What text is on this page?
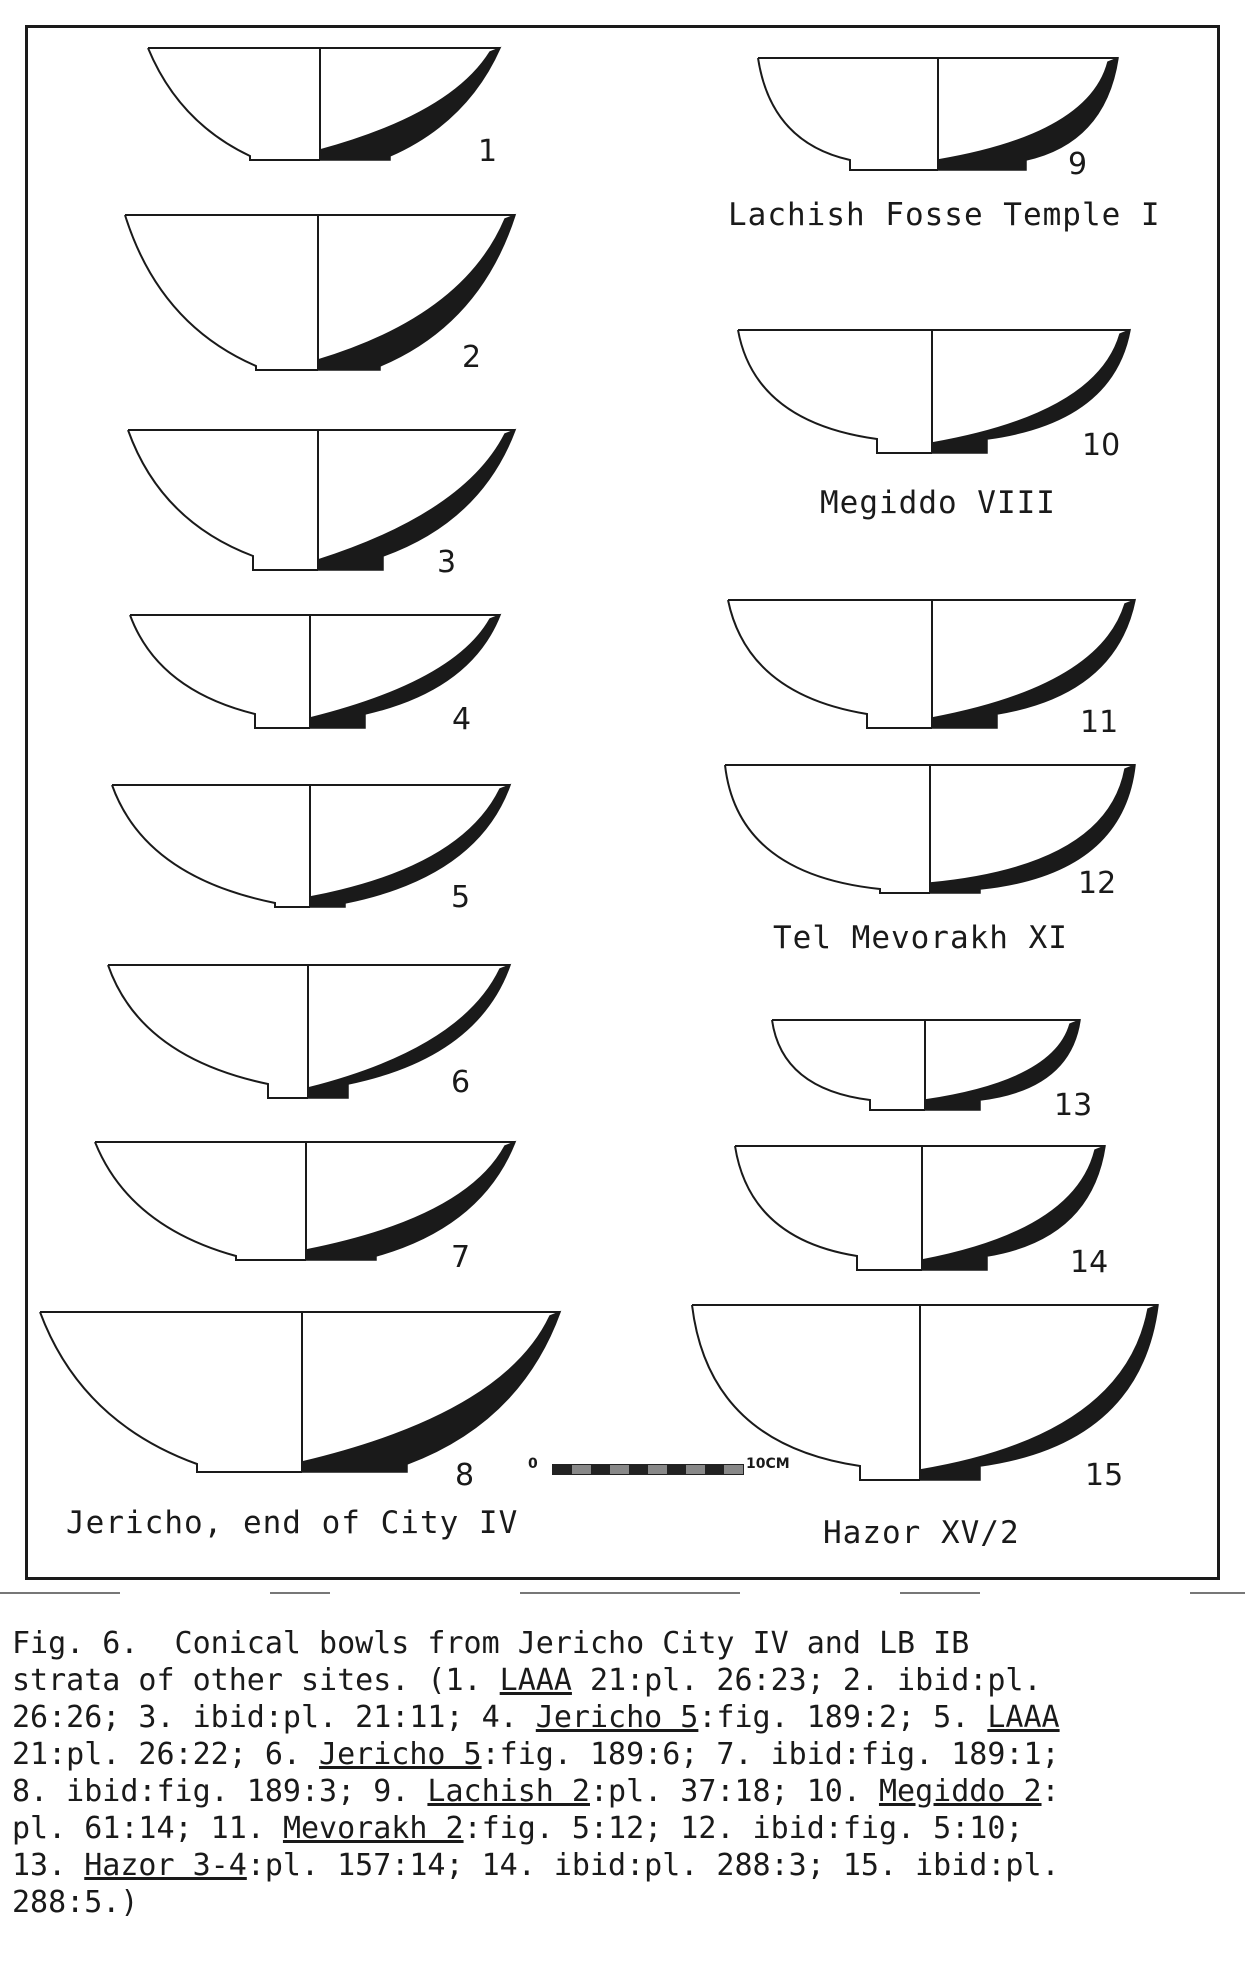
1
2
3
4
5
6
7
8
9
10
11
12
13
14
15
Lachish Fosse Temple I
Megiddo VIII
Tel Mevorakh XI
Jericho, end of City IV	Hazor XV/2
0	10CM
Fig. 6.  Conical bowls from Jericho City IV and LB IB
strata of other sites. (1. LAAA 21:pl. 26:23; 2. ibid:pl.
26:26; 3. ibid:pl. 21:11; 4. Jericho 5:fig. 189:2; 5. LAAA
21:pl. 26:22; 6. Jericho 5:fig. 189:6; 7. ibid:fig. 189:1;
8. ibid:fig. 189:3; 9. Lachish 2:pl. 37:18; 10. Megiddo 2:
pl. 61:14; 11. Mevorakh 2:fig. 5:12; 12. ibid:fig. 5:10;
13. Hazor 3-4:pl. 157:14; 14. ibid:pl. 288:3; 15. ibid:pl.
288:5.)
